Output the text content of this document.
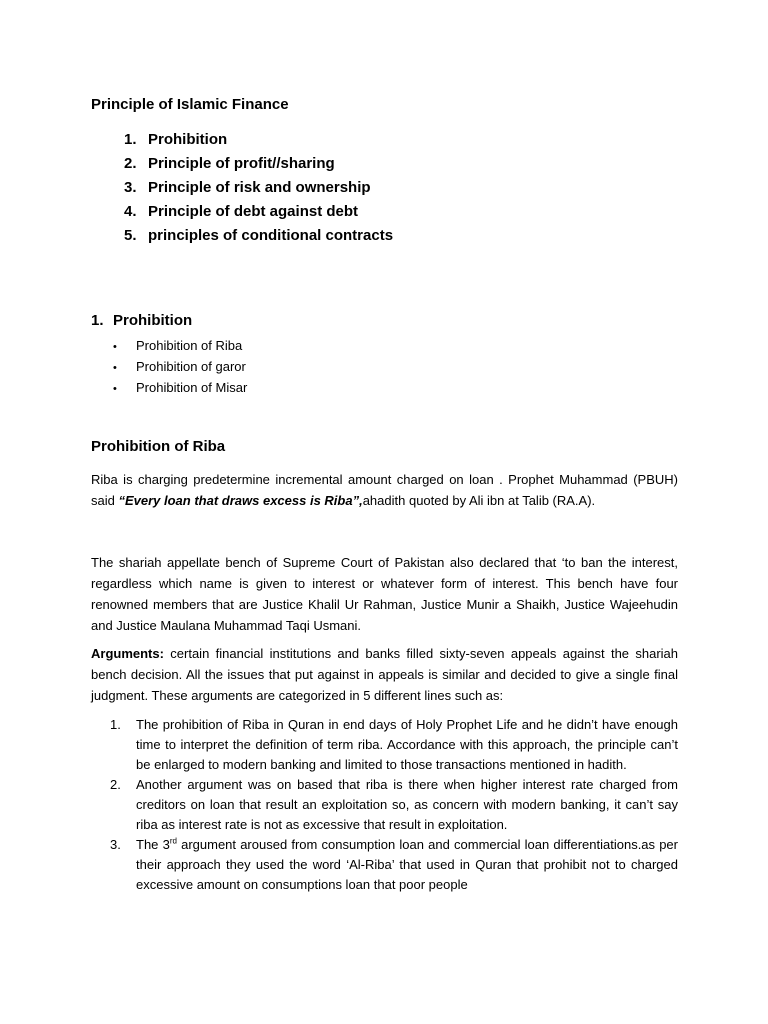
Principle of Islamic Finance
1. Prohibition
2. Principle of profit//sharing
3. Principle of risk and ownership
4. Principle of debt against debt
5. principles of conditional contracts
1. Prohibition
• Prohibition of Riba
• Prohibition of garor
• Prohibition of Misar
Prohibition of Riba

Riba is charging predetermine incremental amount charged on loan . Prophet Muhammad (PBUH) said “Every loan that draws excess is Riba”,ahadith quoted by Ali ibn at Talib (RA.A).

The shariah appellate bench of Supreme Court of Pakistan also declared that ‘to ban the interest, regardless which name is given to interest or whatever form of interest. This bench have four renowned members that are Justice Khalil Ur Rahman, Justice Munir a Shaikh, Justice Wajeehudin and Justice Maulana Muhammad Taqi Usmani.

Arguments: certain financial institutions and banks filled sixty-seven appeals against the shariah bench decision. All the issues that put against in appeals is similar and decided to give a single final judgment. These arguments are categorized in 5 different lines such as:

1. The prohibition of Riba in Quran in end days of Holy Prophet Life and he didn’t have enough time to interpret the definition of term riba. Accordance with this approach, the principle can’t be enlarged to modern banking and limited to those transactions mentioned in hadith.
2. Another argument was on based that riba is there when higher interest rate charged from creditors on loan that result an exploitation so, as concern with modern banking, it can’t say riba as interest rate is not as excessive that result in exploitation.
3. The 3rd argument aroused from consumption loan and commercial loan differentiations.as per their approach they used the word ‘Al-Riba’ that used in Quran that prohibit not to charged excessive amount on consumptions loan that poor people
